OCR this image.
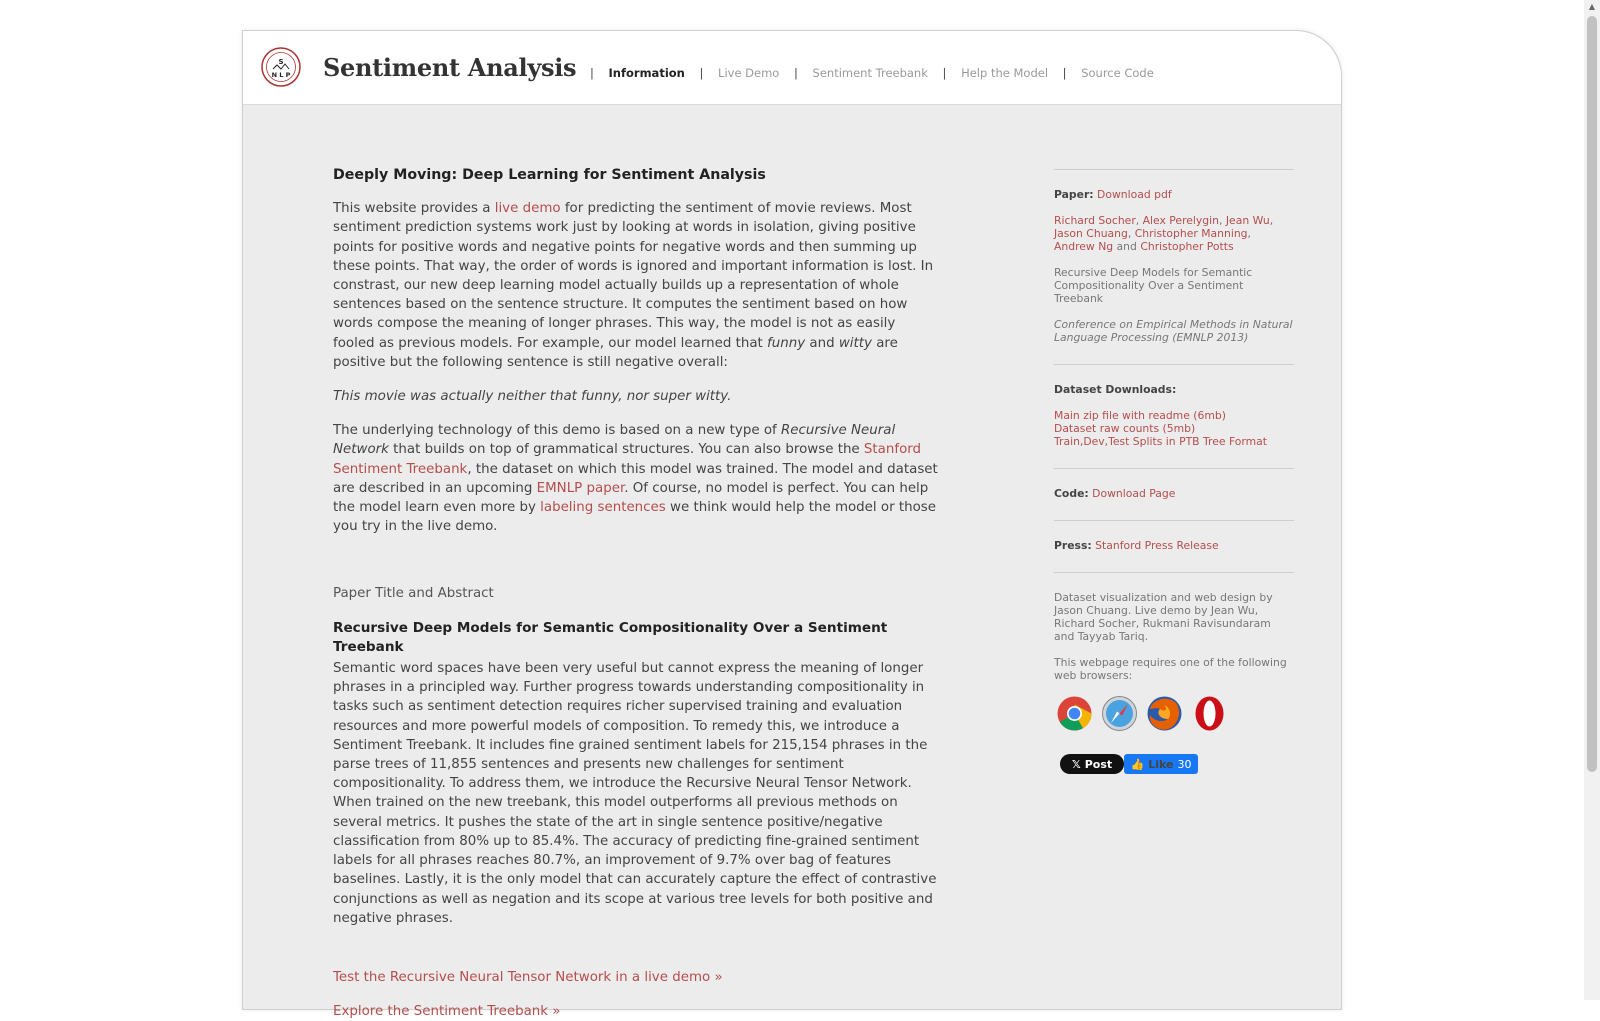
S
N L P Sentiment Analysis	| Information | Live Demo | Sentiment Treebank | Help the Model | Source Code
Deeply Moving: Deep Learning for Sentiment Analysis

This website provides a live demo for predicting the sentiment of movie reviews. Most sentiment prediction systems work just by looking at words in isolation, giving positive points for positive words and negative points for negative words and then summing up these points. That way, the order of words is ignored and important information is lost. In constrast, our new deep learning model actually builds up a representation of whole sentences based on the sentence structure. It computes the sentiment based on how words compose the meaning of longer phrases. This way, the model is not as easily fooled as previous models. For example, our model learned that funny and witty are positive but the following sentence is still negative overall:

This movie was actually neither that funny, nor super witty.

The underlying technology of this demo is based on a new type of Recursive Neural Network that builds on top of grammatical structures. You can also browse the Stanford Sentiment Treebank, the dataset on which this model was trained. The model and dataset are described in an upcoming EMNLP paper. Of course, no model is perfect. You can help the model learn even more by labeling sentences we think would help the model or those you try in the live demo.

Paper Title and Abstract
Recursive Deep Models for Semantic Compositionality Over a Sentiment Treebank

Semantic word spaces have been very useful but cannot express the meaning of longer phrases in a principled way. Further progress towards understanding compositionality in tasks such as sentiment detection requires richer supervised training and evaluation resources and more powerful models of composition. To remedy this, we introduce a Sentiment Treebank. It includes fine grained sentiment labels for 215,154 phrases in the parse trees of 11,855 sentences and presents new challenges for sentiment compositionality. To address them, we introduce the Recursive Neural Tensor Network. When trained on the new treebank, this model outperforms all previous methods on several metrics. It pushes the state of the art in single sentence positive/negative classification from 80% up to 85.4%. The accuracy of predicting fine-grained sentiment labels for all phrases reaches 80.7%, an improvement of 9.7% over bag of features baselines. Lastly, it is the only model that can accurately capture the effect of contrastive conjunctions as well as negation and its scope at various tree levels for both positive and negative phrases.

Test the Recursive Neural Tensor Network in a live demo »

Explore the Sentiment Treebank »

Paper: Download pdf

Richard Socher, Alex Perelygin, Jean Wu, Jason Chuang, Christopher Manning, Andrew Ng and Christopher Potts

Recursive Deep Models for Semantic Compositionality Over a Sentiment Treebank

Conference on Empirical Methods in Natural Language Processing (EMNLP 2013)

Dataset Downloads:

Main zip file with readme (6mb)
Dataset raw counts (5mb)
Train,Dev,Test Splits in PTB Tree Format

Code: Download Page

Press: Stanford Press Release

Dataset visualization and web design by Jason Chuang. Live demo by Jean Wu, Richard Socher, Rukmani Ravisundaram and Tayyab Tariq.

This webpage requires one of the following web browsers:

𝕏 Post 👍 Like 30
▲
